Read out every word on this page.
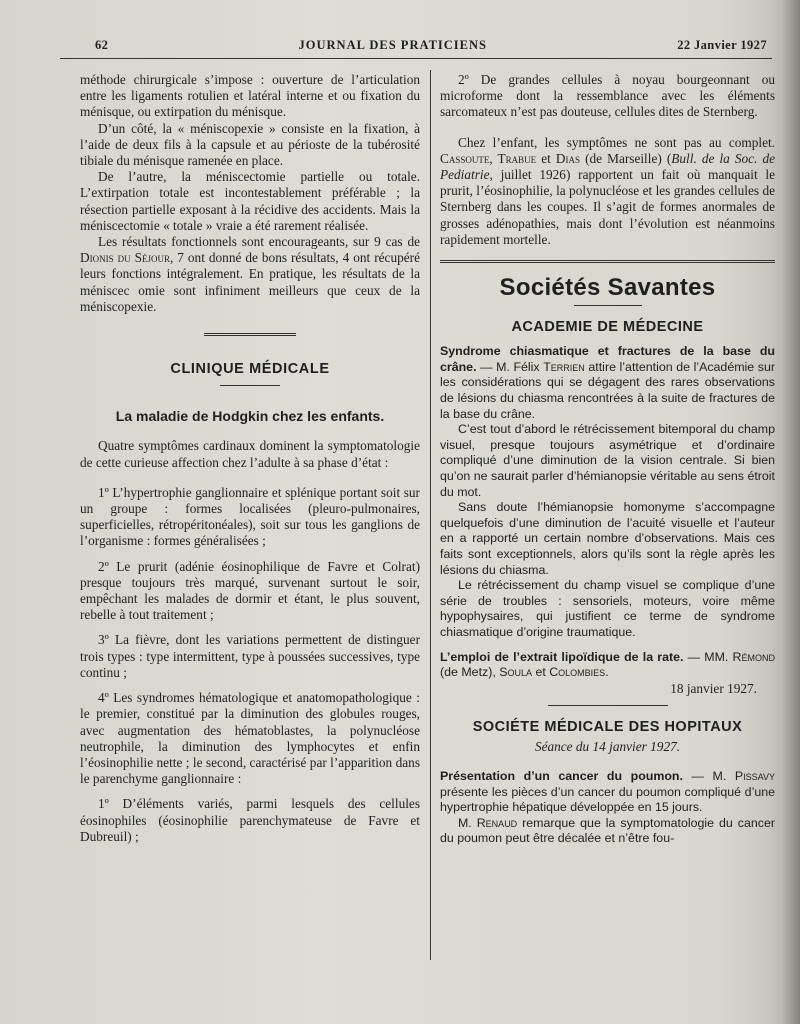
62	JOURNAL DES PRATICIENS	22 Janvier 1927

méthode chirurgicale s’impose : ouverture de l’articulation entre les ligaments rotulien et latéral interne et ou fixation du ménisque, ou extirpation du ménisque.

D’un côté, la « méniscopexie » consiste en la fixation, à l’aide de deux fils à la capsule et au périoste de la tubérosité tibiale du ménisque ramenée en place.

De l’autre, la méniscectomie partielle ou totale. L’extirpation totale est incontestablement préférable ; la résection partielle exposant à la récidive des accidents. Mais la méniscectomie « totale » vraie a été rarement réalisée.

Les résultats fonctionnels sont encourageants, sur 9 cas de Dionis du Séjour, 7 ont donné de bons résultats, 4 ont récupéré leurs fonctions intégralement. En pratique, les résultats de la méniscec omie sont infiniment meilleurs que ceux de la méniscopexie.

CLINIQUE MÉDICALE
La maladie de Hodgkin chez les enfants.

Quatre symptômes cardinaux dominent la symptomatologie de cette curieuse affection chez l’adulte à sa phase d’état :

1º L’hypertrophie ganglionnaire et splénique portant soit sur un groupe : formes localisées (pleuro-pulmonaires, superficielles, rétropéritonéales), soit sur tous les ganglions de l’organisme : formes généralisées ;

2º Le prurit (adénie éosinophilique de Favre et Colrat) presque toujours très marqué, survenant surtout le soir, empêchant les malades de dormir et étant, le plus souvent, rebelle à tout traitement ;

3º La fièvre, dont les variations permettent de distinguer trois types : type intermittent, type à poussées successives, type continu ;

4º Les syndromes hématologique et anatomopathologique : le premier, constitué par la diminution des globules rouges, avec augmentation des hématoblastes, la polynucléose neutrophile, la diminution des lymphocytes et enfin l’éosinophilie nette ; le second, caractérisé par l’apparition dans le parenchyme ganglionnaire :

1º D’éléments variés, parmi lesquels des cellules éosinophiles (éosinophilie parenchymateuse de Favre et Dubreuil) ;

2º De grandes cellules à noyau bourgeonnant ou microforme dont la ressemblance avec les éléments sarcomateux n’est pas douteuse, cellules dites de Sternberg.

Chez l’enfant, les symptômes ne sont pas au complet. Cassoute, Trabue et Dias (de Marseille) (Bull. de la Soc. de Pediatrie, juillet 1926) rapportent un fait où manquait le prurit, l’éosinophilie, la polynucléose et les grandes cellules de Sternberg dans les coupes. Il s’agit de formes anormales de grosses adénopathies, mais dont l’évolution est néanmoins rapidement mortelle.

Sociétés Savantes
ACADEMIE DE MÉDECINE

Syndrome chiasmatique et fractures de la base du crâne. — M. Félix Terrien attire l’attention de l’Académie sur les considérations qui se dégagent des rares observations de lésions du chiasma rencontrées à la suite de fractures de la base du crâne.

C’est tout d’abord le rétrécissement bitemporal du champ visuel, presque toujours asymétrique et d’ordinaire compliqué d’une diminution de la vision centrale. Si bien qu’on ne saurait parler d’hémianopsie véritable au sens étroit du mot.

Sans doute l’hémianopsie homonyme s’accompagne quelquefois d’une diminution de l’acuité visuelle et l’auteur en a rapporté un certain nombre d’observations. Mais ces faits sont exceptionnels, alors qu’ils sont la règle après les lésions du chiasma.

Le rétrécissement du champ visuel se complique d’une série de troubles : sensoriels, moteurs, voire même hypophysaires, qui justifient ce terme de syndrome chiasmatique d’origine traumatique.

L’emploi de l’extrait lipoïdique de la rate. — MM. Rémond (de Metz), Soula et Colombies.

18 janvier 1927.

SOCIÉTE MÉDICALE DES HOPITAUX
Séance du 14 janvier 1927.

Présentation d’un cancer du poumon. — M. Pissavy présente les pièces d’un cancer du poumon compliqué d’une hypertrophie hépatique développée en 15 jours.

M. Renaud remarque que la symptomatologie du cancer du poumon peut être décalée et n’être fou-
